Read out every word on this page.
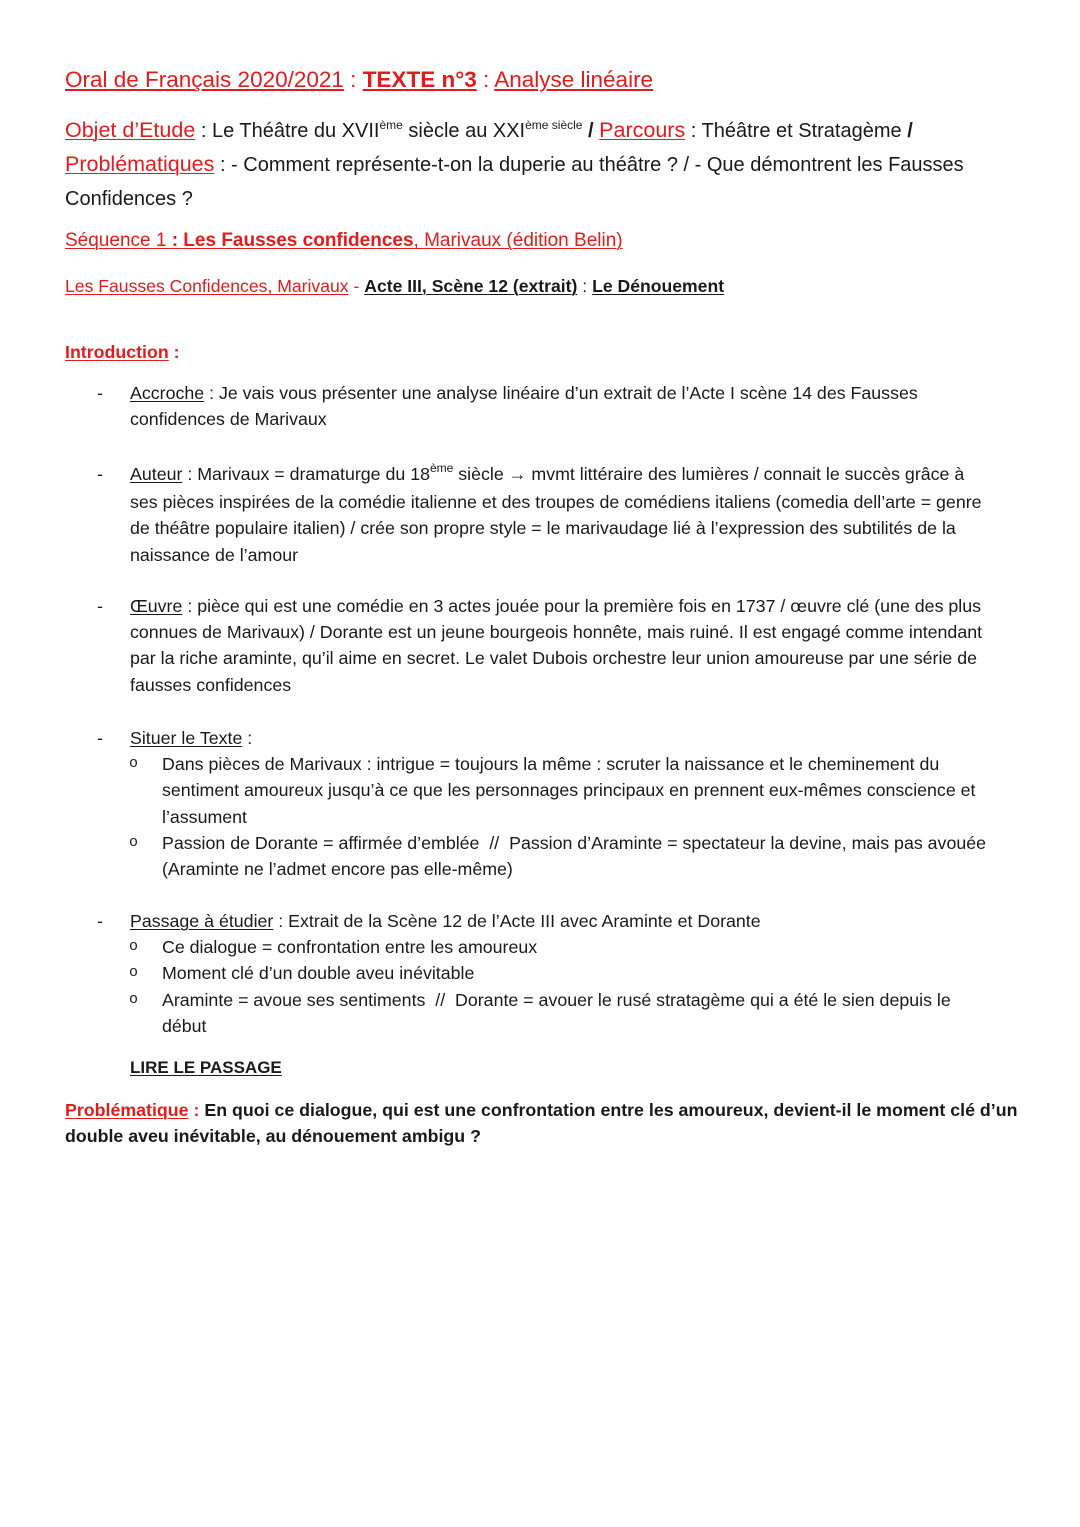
Oral de Français 2020/2021 : TEXTE n°3 : Analyse linéaire
Objet d’Etude : Le Théâtre du XVIIème siècle au $XXI^{ème siècle}$ / Parcours : Théâtre et Stratagème /
Problématiques : - Comment représente-t-on la duperie au théâtre ? / - Que démontrent les Fausses
Confidences ?
Séquence 1 : Les Fausses confidences, Marivaux (édition Belin)
Les Fausses Confidences, Marivaux - Acte III, Scène 12 (extrait) : Le Dénouement
Introduction :
- Accroche : Je vais vous présenter une analyse linéaire d’un extrait de l’Acte I scène 14 des Fausses
confidences de Marivaux
- Auteur : Marivaux = dramaturge du 18ème siècle → mvmt littéraire des lumières / connait le succès grâce à
ses pièces inspirées de la comédie italienne et des troupes de comédiens italiens (comedia dell’arte = genre
de théâtre populaire italien) / crée son propre style = le marivaudage lié à l’expression des subtilités de la
naissance de l’amour
- Œuvre : pièce qui est une comédie en 3 actes jouée pour la première fois en 1737 / œuvre clé (une des plus
connues de Marivaux) / Dorante est un jeune bourgeois honnête, mais ruiné. Il est engagé comme intendant
par la riche araminte, qu’il aime en secret. Le valet Dubois orchestre leur union amoureuse par une série de
fausses confidences
- Situer le Texte :
o Dans pièces de Marivaux : intrigue = toujours la même : scruter la naissance et le cheminement du
sentiment amoureux jusqu’à ce que les personnages principaux en prennent eux-mêmes conscience et
l’assument
o Passion de Dorante = affirmée d’emblée  //  Passion d’Araminte = spectateur la devine, mais pas avouée
(Araminte ne l’admet encore pas elle-même)
- Passage à étudier : Extrait de la Scène 12 de l’Acte III avec Araminte et Dorante
o Ce dialogue = confrontation entre les amoureux
o Moment clé d’un double aveu inévitable
o Araminte = avoue ses sentiments  //  Dorante = avouer le rusé stratagème qui a été le sien depuis le
début
LIRE LE PASSAGE
Problématique : En quoi ce dialogue, qui est une confrontation entre les amoureux, devient-il le moment clé d’un
double aveu inévitable, au dénouement ambigu ?
